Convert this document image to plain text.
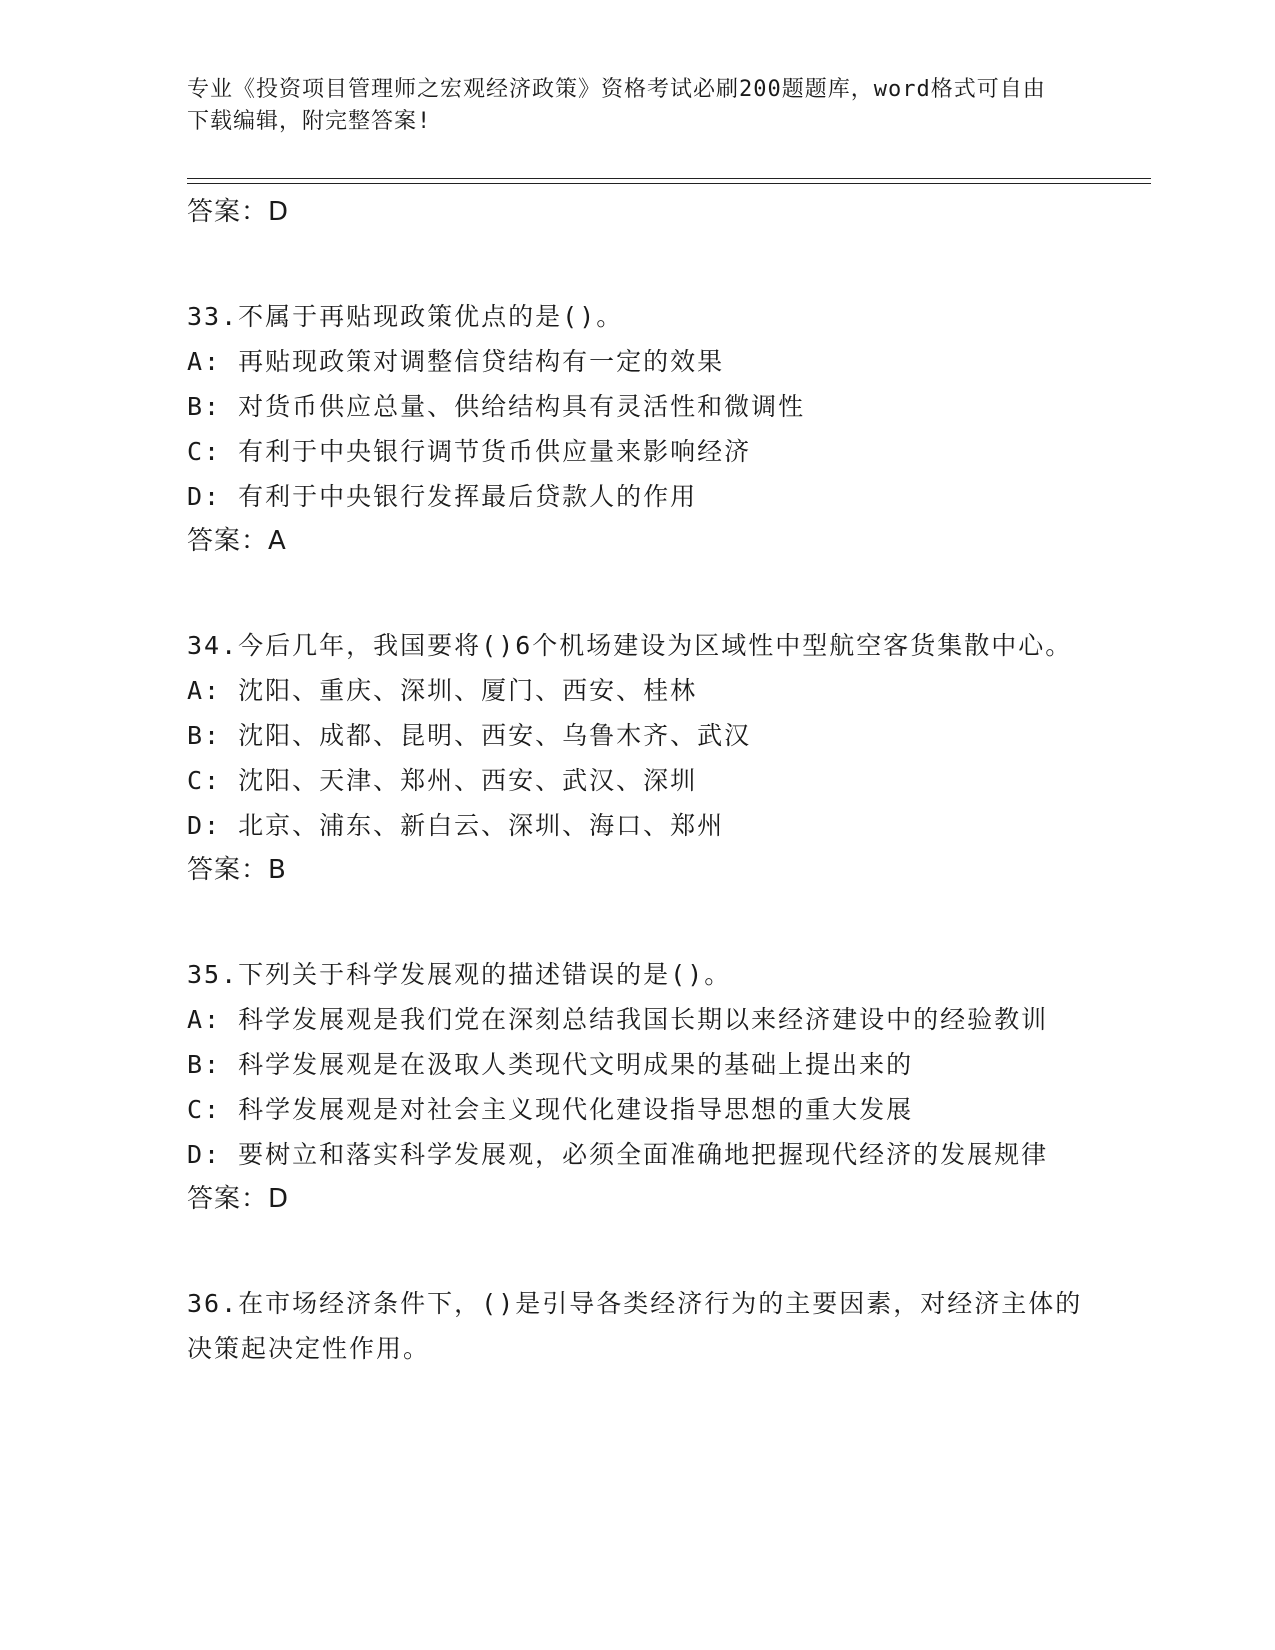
专业《投资项目管理师之宏观经济政策》资格考试必刷200题题库，word格式可自由下载编辑，附完整答案!
答案：D
33.不属于再贴现政策优点的是()。
A: 再贴现政策对调整信贷结构有一定的效果
B: 对货币供应总量、供给结构具有灵活性和微调性
C: 有利于中央银行调节货币供应量来影响经济
D: 有利于中央银行发挥最后贷款人的作用
答案：A
34.今后几年，我国要将()6个机场建设为区域性中型航空客货集散中心。
A: 沈阳、重庆、深圳、厦门、西安、桂林
B: 沈阳、成都、昆明、西安、乌鲁木齐、武汉
C: 沈阳、天津、郑州、西安、武汉、深圳
D: 北京、浦东、新白云、深圳、海口、郑州
答案：B
35.下列关于科学发展观的描述错误的是()。
A: 科学发展观是我们党在深刻总结我国长期以来经济建设中的经验教训
B: 科学发展观是在汲取人类现代文明成果的基础上提出来的
C: 科学发展观是对社会主义现代化建设指导思想的重大发展
D: 要树立和落实科学发展观，必须全面准确地把握现代经济的发展规律
答案：D
36.在市场经济条件下，()是引导各类经济行为的主要因素，对经济主体的决策起决定性作用。
